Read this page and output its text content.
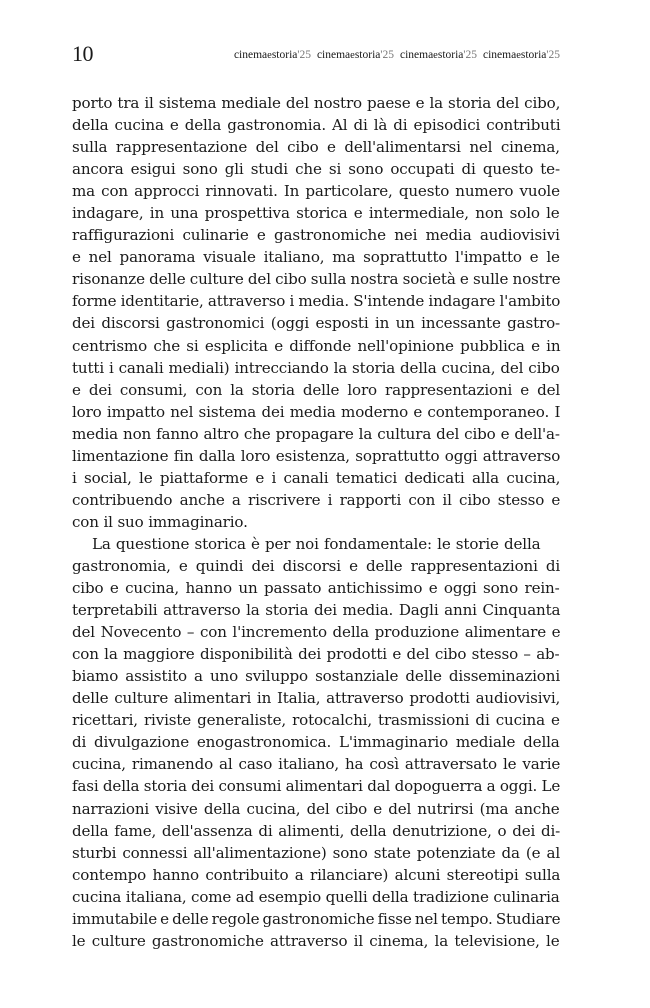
10	cinemaestoria'25 cinemaestoria'25 cinemaestoria'25 cinemaestoria'25

porto tra il sistema mediale del nostro paese e la storia del cibo,
della cucina e della gastronomia. Al di là di episodici contributi
sulla rappresentazione del cibo e dell'alimentarsi nel cinema,
ancora esigui sono gli studi che si sono occupati di questo te-
ma con approcci rinnovati. In particolare, questo numero vuole
indagare, in una prospettiva storica e intermediale, non solo le
raffigurazioni culinarie e gastronomiche nei media audiovisivi
e nel panorama visuale italiano, ma soprattutto l'impatto e le
risonanze delle culture del cibo sulla nostra società e sulle nostre
forme identitarie, attraverso i media. S'intende indagare l'ambito
dei discorsi gastronomici (oggi esposti in un incessante gastro-
centrismo che si esplicita e diffonde nell'opinione pubblica e in
tutti i canali mediali) intrecciando la storia della cucina, del cibo
e dei consumi, con la storia delle loro rappresentazioni e del
loro impatto nel sistema dei media moderno e contemporaneo. I
media non fanno altro che propagare la cultura del cibo e dell'a-
limentazione fin dalla loro esistenza, soprattutto oggi attraverso
i social, le piattaforme e i canali tematici dedicati alla cucina,
contribuendo anche a riscrivere i rapporti con il cibo stesso e
con il suo immaginario.

La questione storica è per noi fondamentale: le storie della
gastronomia, e quindi dei discorsi e delle rappresentazioni di
cibo e cucina, hanno un passato antichissimo e oggi sono rein-
terpretabili attraverso la storia dei media. Dagli anni Cinquanta
del Novecento – con l'incremento della produzione alimentare e
con la maggiore disponibilità dei prodotti e del cibo stesso – ab-
biamo assistito a uno sviluppo sostanziale delle disseminazioni
delle culture alimentari in Italia, attraverso prodotti audiovisivi,
ricettari, riviste generaliste, rotocalchi, trasmissioni di cucina e
di divulgazione enogastronomica. L'immaginario mediale della
cucina, rimanendo al caso italiano, ha così attraversato le varie
fasi della storia dei consumi alimentari dal dopoguerra a oggi. Le
narrazioni visive della cucina, del cibo e del nutrirsi (ma anche
della fame, dell'assenza di alimenti, della denutrizione, o dei di-
sturbi connessi all'alimentazione) sono state potenziate da (e al
contempo hanno contribuito a rilanciare) alcuni stereotipi sulla
cucina italiana, come ad esempio quelli della tradizione culinaria
immutabile e delle regole gastronomiche fisse nel tempo. Studiare
le culture gastronomiche attraverso il cinema, la televisione, le
